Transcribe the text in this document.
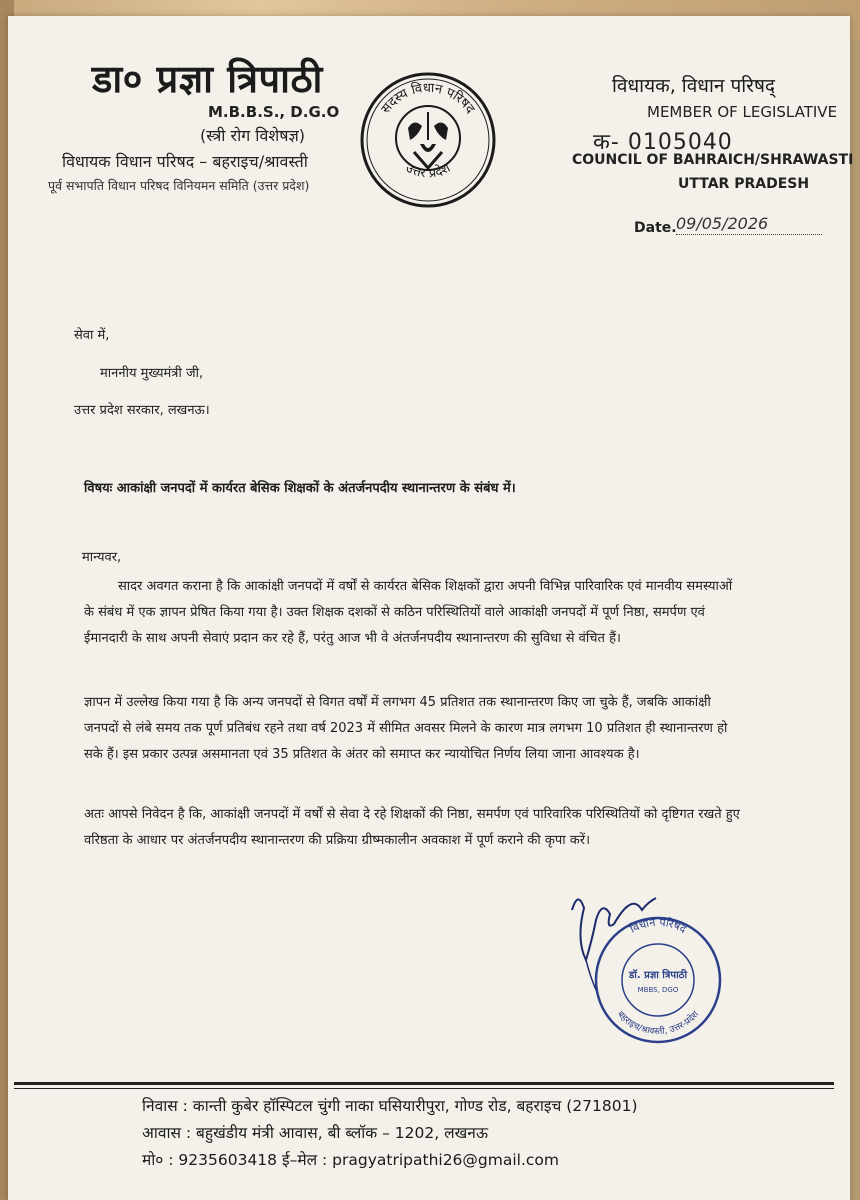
डा० प्रज्ञा त्रिपाठी
M.B.B.S., D.G.O
(स्त्री रोग विशेषज्ञ)
विधायक विधान परिषद – बहराइच/श्रावस्ती
पूर्व सभापति विधान परिषद विनियमन समिति (उत्तर प्रदेश)
सदस्य विधान परिषद
उत्तर प्रदेश
विधायक, विधान परिषद्
MEMBER OF LEGISLATIVE
क- 0105040
COUNCIL OF BAHRAICH/SHRAWASTI
UTTAR PRADESH
Date. 09/05/2026
सेवा में,
माननीय मुख्यमंत्री जी,
उत्तर प्रदेश सरकार, लखनऊ।
विषयः आकांक्षी जनपदों में कार्यरत बेसिक शिक्षकों के अंतर्जनपदीय स्थानान्तरण के संबंध में।
मान्यवर,
सादर अवगत कराना है कि आकांक्षी जनपदों में वर्षों से कार्यरत बेसिक शिक्षकों द्वारा अपनी विभिन्न पारिवारिक एवं मानवीय समस्याओं के संबंध में एक ज्ञापन प्रेषित किया गया है। उक्त शिक्षक दशकों से कठिन परिस्थितियों वाले आकांक्षी जनपदों में पूर्ण निष्ठा, समर्पण एवं ईमानदारी के साथ अपनी सेवाएं प्रदान कर रहे हैं, परंतु आज भी वे अंतर्जनपदीय स्थानान्तरण की सुविधा से वंचित हैं।
ज्ञापन में उल्लेख किया गया है कि अन्य जनपदों से विगत वर्षों में लगभग 45 प्रतिशत तक स्थानान्तरण किए जा चुके हैं, जबकि आकांक्षी जनपदों से लंबे समय तक पूर्ण प्रतिबंध रहने तथा वर्ष 2023 में सीमित अवसर मिलने के कारण मात्र लगभग 10 प्रतिशत ही स्थानान्तरण हो सके हैं। इस प्रकार उत्पन्न असमानता एवं 35 प्रतिशत के अंतर को समाप्त कर न्यायोचित निर्णय लिया जाना आवश्यक है।
अतः आपसे निवेदन है कि, आकांक्षी जनपदों में वर्षों से सेवा दे रहे शिक्षकों की निष्ठा, समर्पण एवं पारिवारिक परिस्थितियों को दृष्टिगत रखते हुए वरिष्ठता के आधार पर अंतर्जनपदीय स्थानान्तरण की प्रक्रिया ग्रीष्मकालीन अवकाश में पूर्ण कराने की कृपा करें।
विधान परिषद
बहराइच/श्रावस्ती, उत्तर-प्रदेश
डॉ. प्रज्ञा त्रिपाठी
MBBS, DGO
निवास : कान्ती कुबेर हॉस्पिटल चुंगी नाका घसियारीपुरा, गोण्ड रोड, बहराइच (271801)
आवास : बहुखंडीय मंत्री आवास, बी ब्लॉक – 1202, लखनऊ
मो० : 9235603418 ई–मेल : pragyatripathi26@gmail.com
